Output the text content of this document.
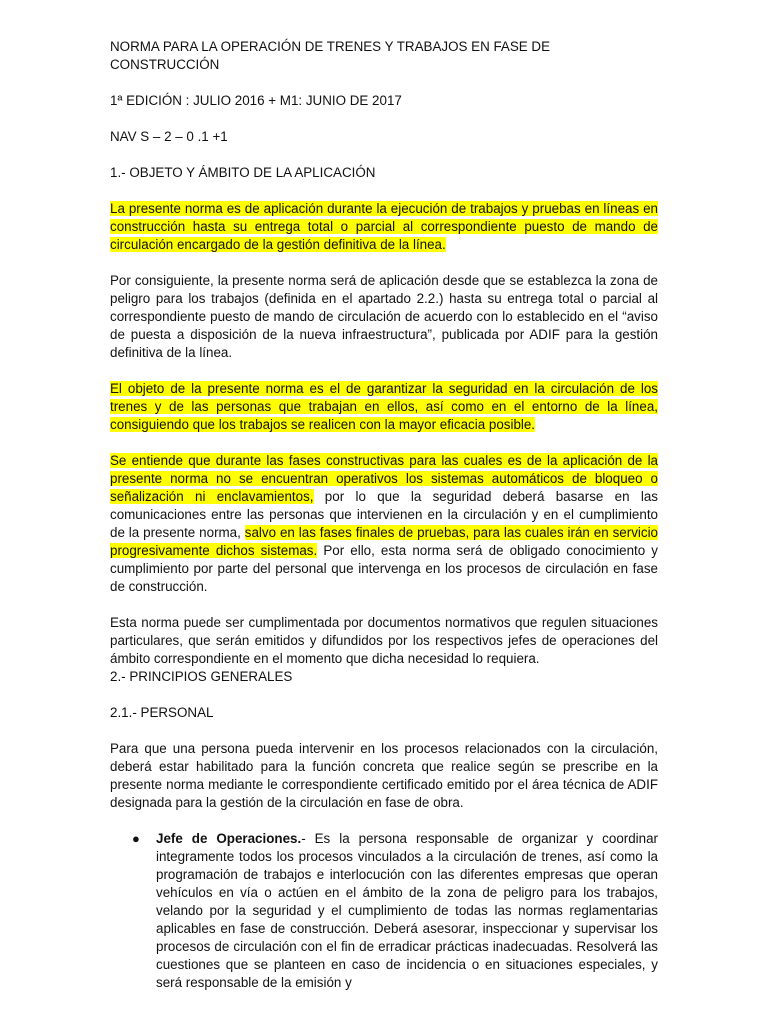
NORMA PARA LA OPERACIÓN DE TRENES Y TRABAJOS EN FASE DE CONSTRUCCIÓN

1ª EDICIÓN : JULIO 2016 + M1: JUNIO DE 2017

NAV S – 2 – 0 .1 +1

1.- OBJETO Y ÁMBITO DE LA APLICACIÓN

La presente norma es de aplicación durante la ejecución de trabajos y pruebas en líneas en construcción hasta su entrega total o parcial al correspondiente puesto de mando de circulación encargado de la gestión definitiva de la línea.

Por consiguiente, la presente norma será de aplicación desde que se establezca la zona de peligro para los trabajos (definida en el apartado 2.2.) hasta su entrega total o parcial al correspondiente puesto de mando de circulación de acuerdo con lo establecido en el “aviso de puesta a disposición de la nueva infraestructura”, publicada por ADIF para la gestión definitiva de la línea.

El objeto de la presente norma es el de garantizar la seguridad en la circulación de los trenes y de las personas que trabajan en ellos, así como en el entorno de la línea, consiguiendo que los trabajos se realicen con la mayor eficacia posible.

Se entiende que durante las fases constructivas para las cuales es de la aplicación de la presente norma no se encuentran operativos los sistemas automáticos de bloqueo o señalización ni enclavamientos, por lo que la seguridad deberá basarse en las comunicaciones entre las personas que intervienen en la circulación y en el cumplimiento de la presente norma, salvo en las fases finales de pruebas, para las cuales irán en servicio progresivamente dichos sistemas. Por ello, esta norma será de obligado conocimiento y cumplimiento por parte del personal que intervenga en los procesos de circulación en fase de construcción.

Esta norma puede ser cumplimentada por documentos normativos que regulen situaciones particulares, que serán emitidos y difundidos por los respectivos jefes de operaciones del ámbito correspondiente en el momento que dicha necesidad lo requiera.

2.- PRINCIPIOS GENERALES

2.1.- PERSONAL

Para que una persona pueda intervenir en los procesos relacionados con la circulación, deberá estar habilitado para la función concreta que realice según se prescribe en la presente norma mediante le correspondiente certificado emitido por el área técnica de ADIF designada para la gestión de la circulación en fase de obra.

● Jefe de Operaciones.- Es la persona responsable de organizar y coordinar integramente todos los procesos vinculados a la circulación de trenes, así como la programación de trabajos e interlocución con las diferentes empresas que operan vehículos en vía o actúen en el ámbito de la zona de peligro para los trabajos, velando por la seguridad y el cumplimiento de todas las normas reglamentarias aplicables en fase de construcción. Deberá asesorar, inspeccionar y supervisar los procesos de circulación con el fin de erradicar prácticas inadecuadas. Resolverá las cuestiones que se planteen en caso de incidencia o en situaciones especiales, y será responsable de la emisión y
